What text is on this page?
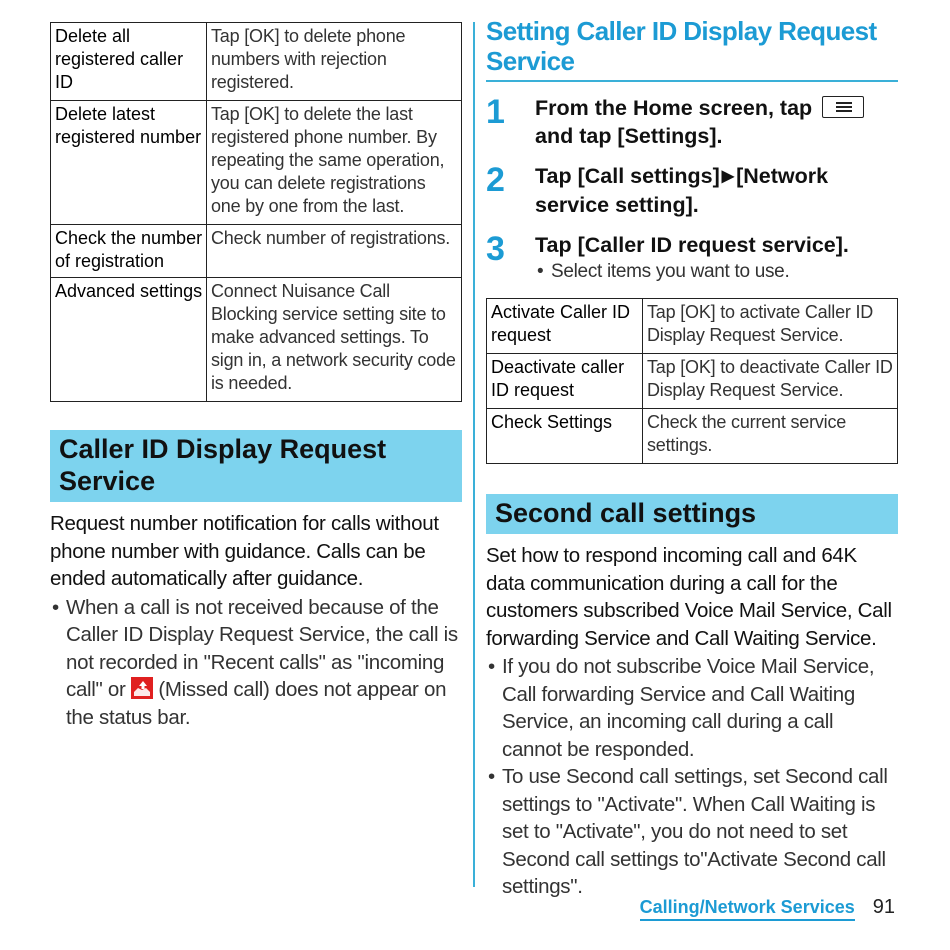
Delete all registered caller ID	Tap [OK] to delete phone numbers with rejection registered.
Delete latest registered number	Tap [OK] to delete the last registered phone number. By repeating the same operation, you can delete registrations one by one from the last.
Check the number of registration	Check number of registrations.
Advanced settings	Connect Nuisance Call Blocking service setting site to make advanced settings. To sign in, a network security code is needed.
Caller ID Display Request Service

Request number notification for calls without phone number with guidance. Calls can be ended automatically after guidance.

• When a call is not received because of the Caller ID Display Request Service, the call is not recorded in "Recent calls" as "incoming call" or (Missed call) does not appear on the status bar.
Setting Caller ID Display Request Service
1 From the Home screen, tap
and tap [Settings].
2 Tap [Call settings] ▶[Network service setting].
3 Tap [Caller ID request service].
• Select items you want to use.
Activate Caller ID request	Tap [OK] to activate Caller ID Display Request Service.
Deactivate caller ID request	Tap [OK] to deactivate Caller ID Display Request Service.
Check Settings	Check the current service settings.
Second call settings

Set how to respond incoming call and 64K data communication during a call for the customers subscribed Voice Mail Service, Call forwarding Service and Call Waiting Service.

• If you do not subscribe Voice Mail Service, Call forwarding Service and Call Waiting Service, an incoming call during a call cannot be responded.
• To use Second call settings, set Second call settings to "Activate". When Call Waiting is set to "Activate", you do not need to set Second call settings to"Activate Second call settings".
Calling/Network Services 91
